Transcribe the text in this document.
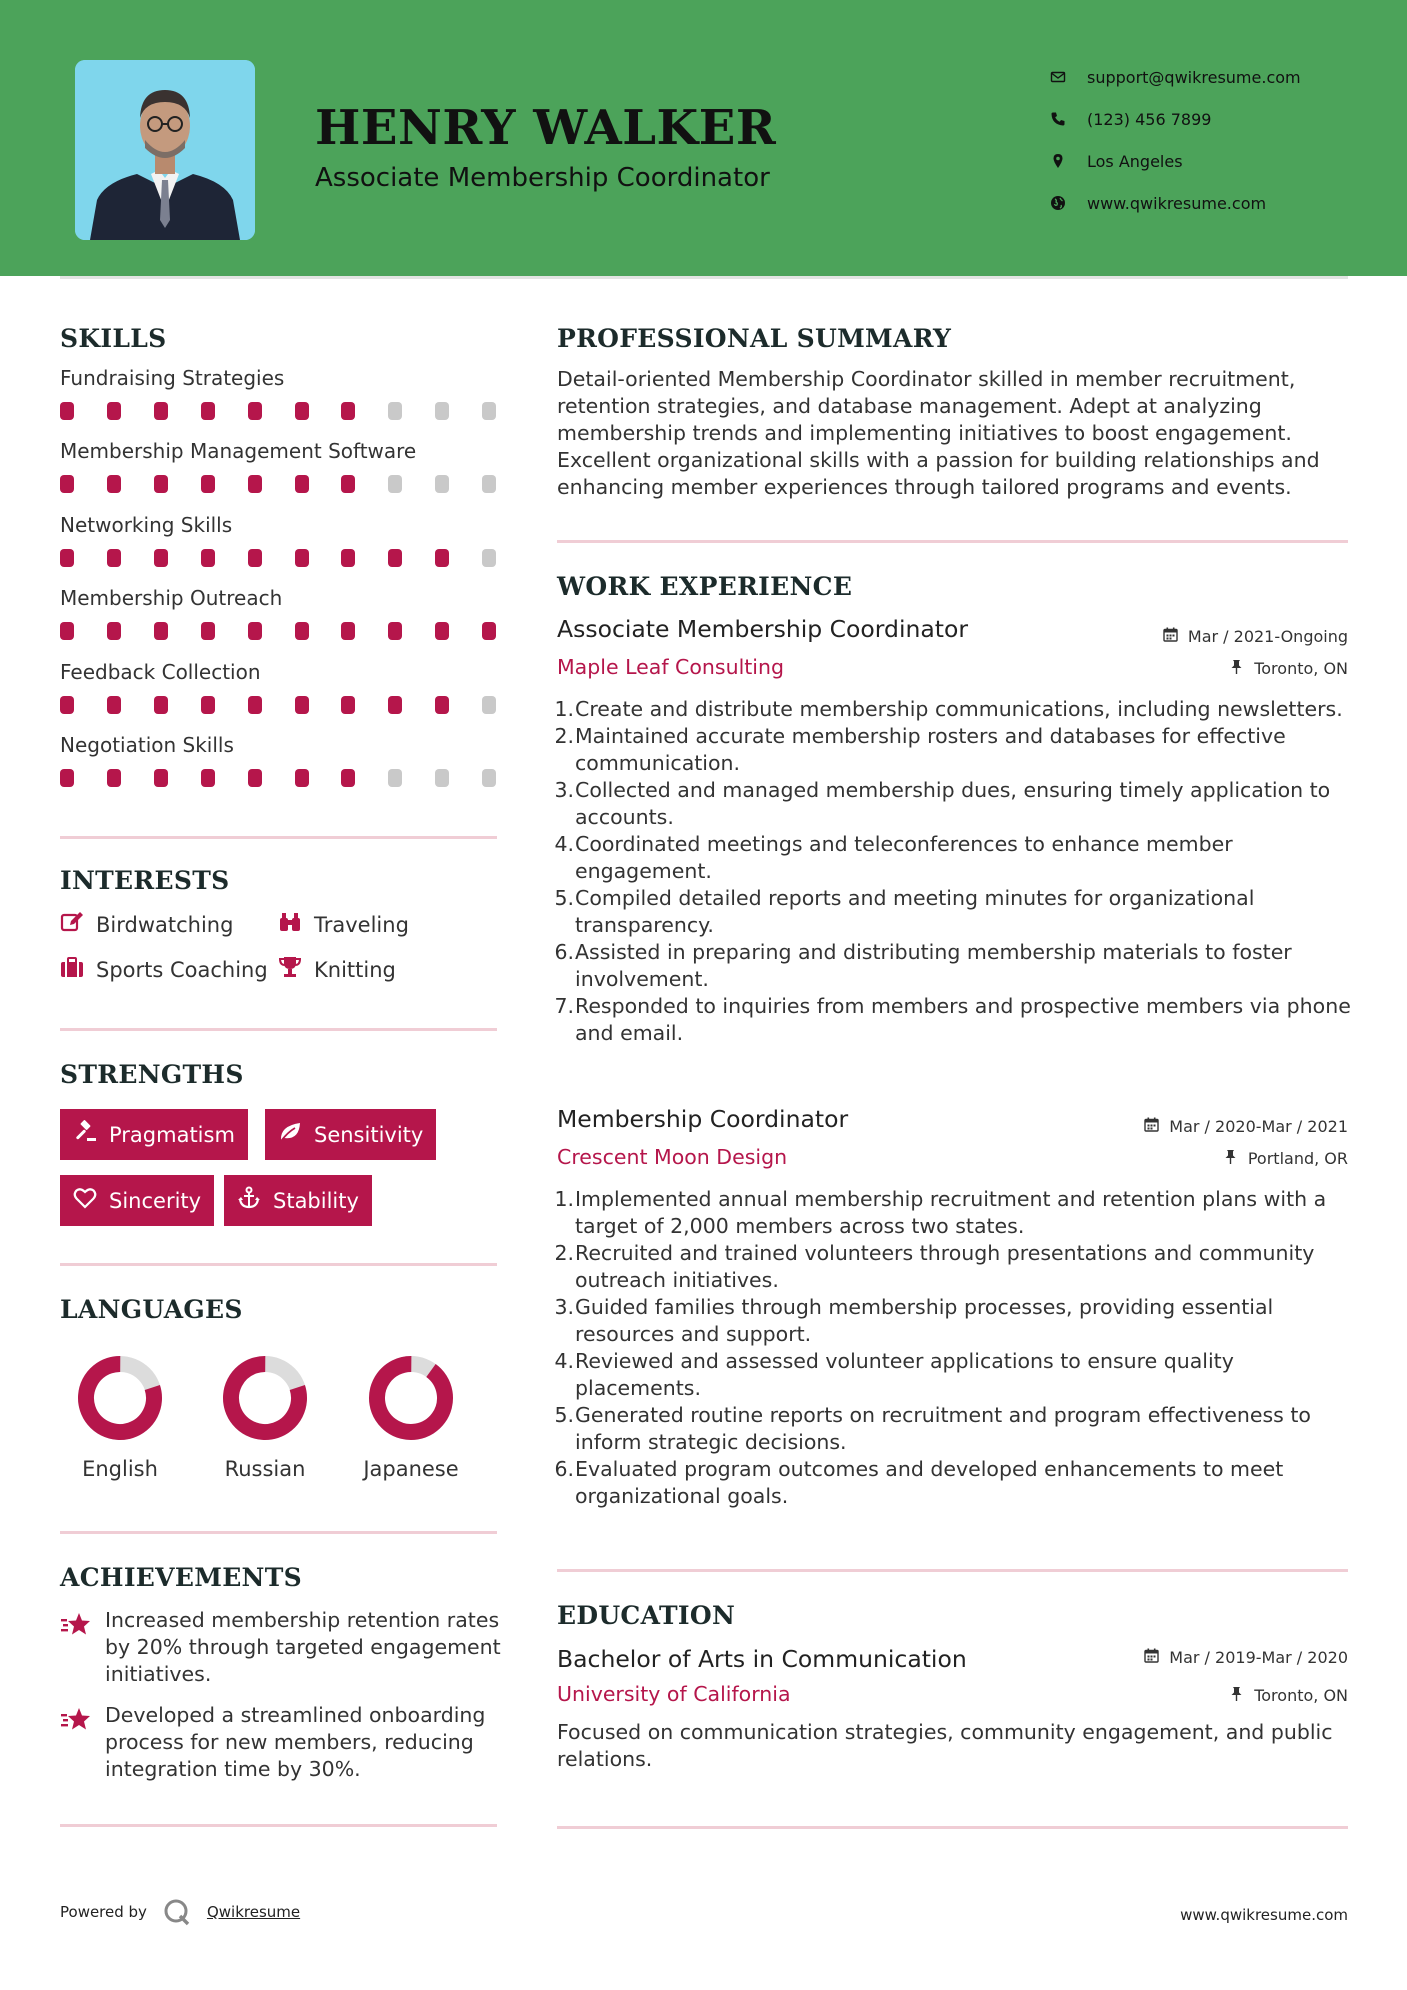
HENRY WALKER
Associate Membership Coordinator
support@qwikresume.com
(123) 456 7899
Los Angeles
www.qwikresume.com
SKILLS
Fundraising Strategies
Membership Management Software
Networking Skills
Membership Outreach
Feedback Collection
Negotiation Skills
INTERESTS
Birdwatching	Traveling
Sports Coaching Knitting
STRENGTHS
Pragmatism	Sensitivity
Sincerity	Stability
LANGUAGES
English	Russian	Japanese
ACHIEVEMENTS
Increased membership retention rates by 20% through targeted engagement initiatives.
Developed a streamlined onboarding process for new members, reducing integration time by 30%.
PROFESSIONAL SUMMARY
Detail-oriented Membership Coordinator skilled in member recruitment, retention strategies, and database management. Adept at analyzing membership trends and implementing initiatives to boost engagement. Excellent organizational skills with a passion for building relationships and enhancing member experiences through tailored programs and events.
WORK EXPERIENCE
Associate Membership Coordinator	Mar / 2021-Ongoing
Maple Leaf Consulting	Toronto, ON
1. Create and distribute membership communications, including newsletters.
2. Maintained accurate membership rosters and databases for effective communication.
3. Collected and managed membership dues, ensuring timely application to accounts.
4. Coordinated meetings and teleconferences to enhance member engagement.
5. Compiled detailed reports and meeting minutes for organizational transparency.
6. Assisted in preparing and distributing membership materials to foster involvement.
7. Responded to inquiries from members and prospective members via phone and email.
Membership Coordinator	Mar / 2020-Mar / 2021
Crescent Moon Design	Portland, OR
1. Implemented annual membership recruitment and retention plans with a target of 2,000 members across two states.
2. Recruited and trained volunteers through presentations and community outreach initiatives.
3. Guided families through membership processes, providing essential resources and support.
4. Reviewed and assessed volunteer applications to ensure quality placements.
5. Generated routine reports on recruitment and program effectiveness to inform strategic decisions.
6. Evaluated program outcomes and developed enhancements to meet organizational goals.
EDUCATION
Bachelor of Arts in Communication	Mar / 2019-Mar / 2020
University of California	Toronto, ON
Focused on communication strategies, community engagement, and public relations.
Powered by	Qwikresume	www.qwikresume.com
